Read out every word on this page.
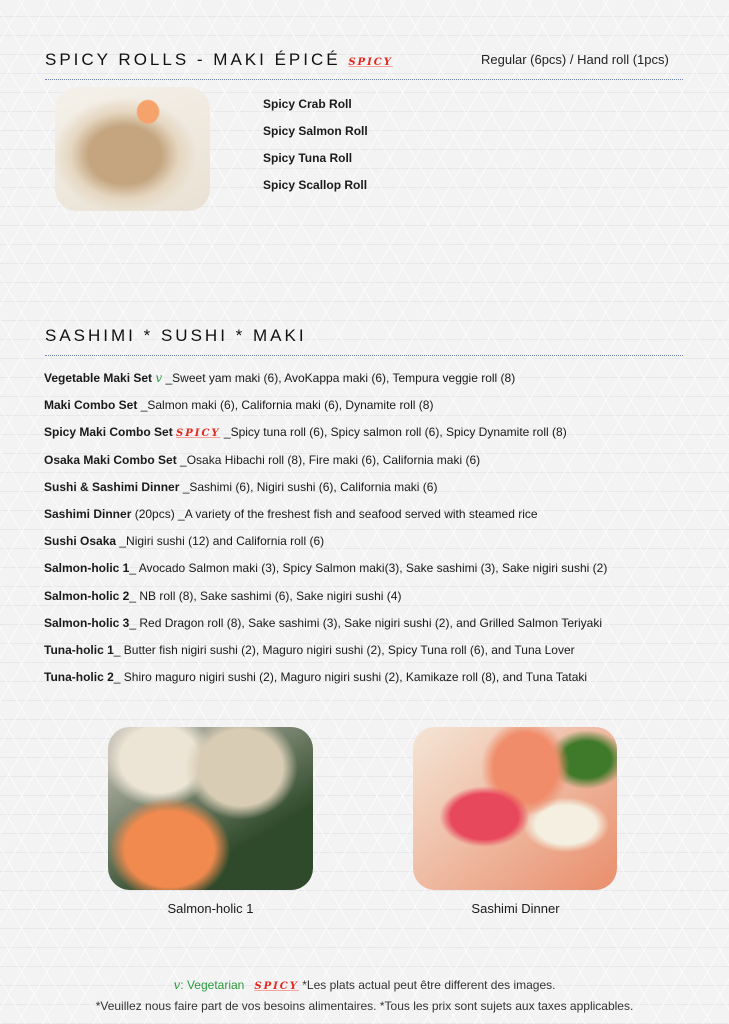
SPICY ROLLS - MAKI ÉPICÉ SPICY	Regular (6pcs) / Hand roll (1pcs)
Spicy Crab Roll
Spicy Salmon Roll
Spicy Tuna Roll
Spicy Scallop Roll
SASHIMI * SUSHI * MAKI
Vegetable Maki Set v _Sweet yam maki (6), AvoKappa maki (6), Tempura veggie roll (8)
Maki Combo Set _Salmon maki (6), California maki (6), Dynamite roll (8)
Spicy Maki Combo Set SPICY _Spicy tuna roll (6), Spicy salmon roll (6), Spicy Dynamite roll (8)
Osaka Maki Combo Set _Osaka Hibachi roll (8), Fire maki (6), California maki (6)
Sushi & Sashimi Dinner _Sashimi (6), Nigiri sushi (6), California maki (6)
Sashimi Dinner (20pcs) _A variety of the freshest fish and seafood served with steamed rice
Sushi Osaka _Nigiri sushi (12) and California roll (6)
Salmon-holic 1_ Avocado Salmon maki (3), Spicy Salmon maki(3), Sake sashimi (3), Sake nigiri sushi (2)
Salmon-holic 2_ NB roll (8), Sake sashimi (6), Sake nigiri sushi (4)
Salmon-holic 3_ Red Dragon roll (8), Sake sashimi (3), Sake nigiri sushi (2), and Grilled Salmon Teriyaki
Tuna-holic 1_ Butter fish nigiri sushi (2), Maguro nigiri sushi (2), Spicy Tuna roll (6), and Tuna Lover
Tuna-holic 2_ Shiro maguro nigiri sushi (2), Maguro nigiri sushi (2), Kamikaze roll (8), and Tuna Tataki
Salmon-holic 1	Sashimi Dinner
v: Vegetarian SPICY *Les plats actual peut être different des images.
*Veuillez nous faire part de vos besoins alimentaires. *Tous les prix sont sujets aux taxes applicables.
